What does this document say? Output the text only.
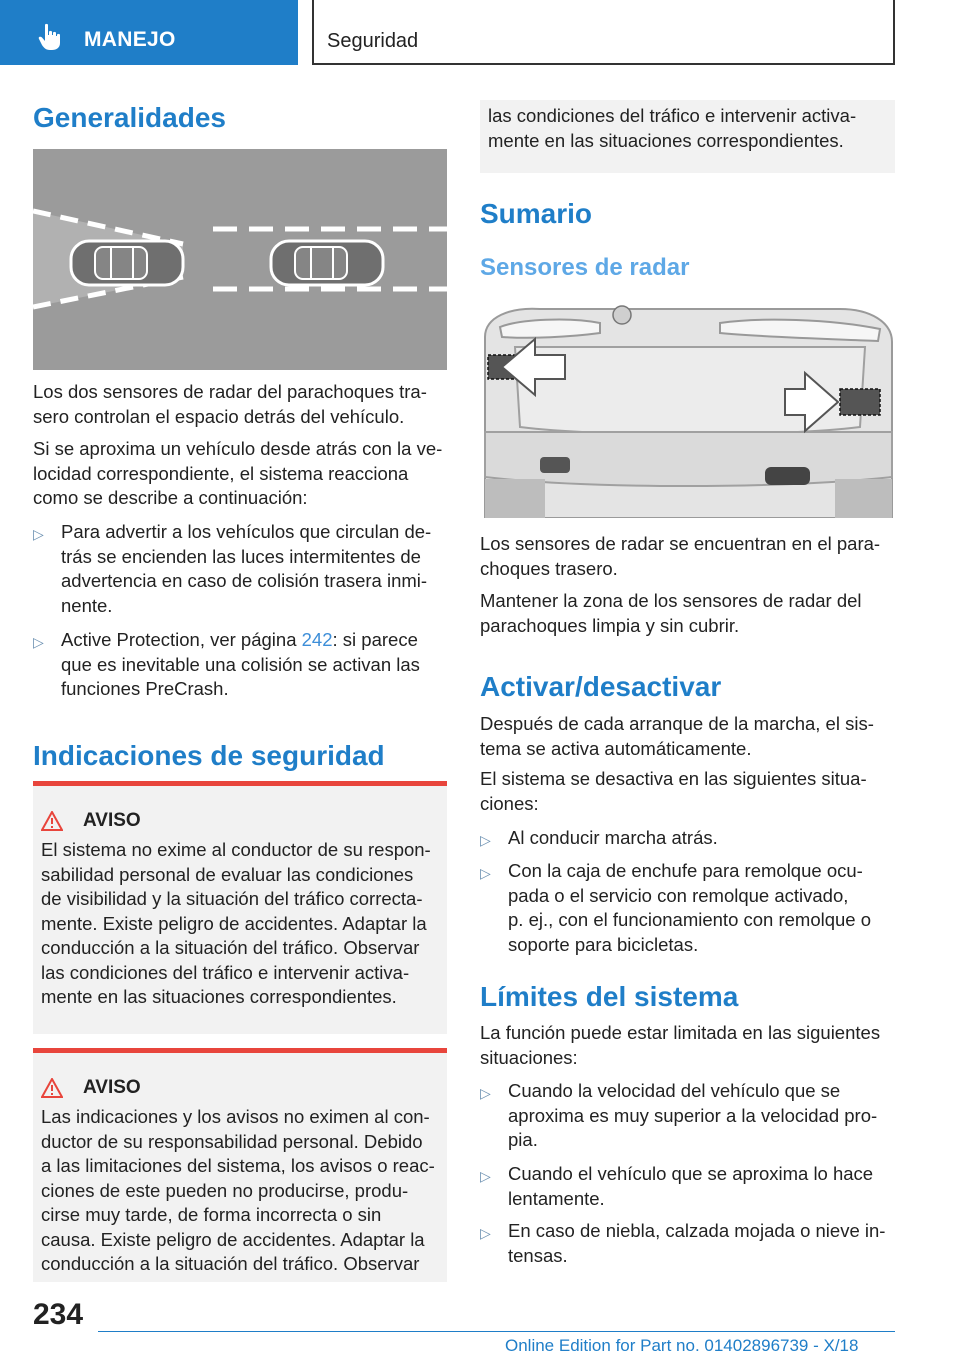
MANEJO	Seguridad
Generalidades

Los dos sensores de radar del parachoques tra-

sero controlan el espacio detrás del vehículo.

Si se aproxima un vehículo desde atrás con la ve-

locidad correspondiente, el sistema reacciona

como se describe a continuación:

▷ Para advertir a los vehículos que circulan de-
trás se encienden las luces intermitentes de
advertencia en caso de colisión trasera inmi-
nente.
▷ Active Protection, ver página 242: si parece
que es inevitable una colisión se activan las
funciones PreCrash.
Indicaciones de seguridad
AVISO
El sistema no exime al conductor de su respon-
sabilidad personal de evaluar las condiciones
de visibilidad y la situación del tráfico correcta-
mente. Existe peligro de accidentes. Adaptar la
conducción a la situación del tráfico. Observar
las condiciones del tráfico e intervenir activa-
mente en las situaciones correspondientes.
AVISO
Las indicaciones y los avisos no eximen al con-
ductor de su responsabilidad personal. Debido
a las limitaciones del sistema, los avisos o reac-
ciones de este pueden no producirse, produ-
cirse muy tarde, de forma incorrecta o sin
causa. Existe peligro de accidentes. Adaptar la
conducción a la situación del tráfico. Observar
las condiciones del tráfico e intervenir activa-
mente en las situaciones correspondientes.
Sumario
Sensores de radar

Los sensores de radar se encuentran en el para-

choques trasero.

Mantener la zona de los sensores de radar del

parachoques limpia y sin cubrir.

Activar/desactivar

Después de cada arranque de la marcha, el sis-

tema se activa automáticamente.

El sistema se desactiva en las siguientes situa-

ciones:

▷ Al conducir marcha atrás.
▷ Con la caja de enchufe para remolque ocu-
pada o el servicio con remolque activado,
p. ej., con el funcionamiento con remolque o
soporte para bicicletas.
Límites del sistema

La función puede estar limitada en las siguientes

situaciones:

▷ Cuando la velocidad del vehículo que se
aproxima es muy superior a la velocidad pro-
pia.
▷ Cuando el vehículo que se aproxima lo hace
lentamente.
▷ En caso de niebla, calzada mojada o nieve in-
tensas.
234
Online Edition for Part no. 01402896739 - X/18
